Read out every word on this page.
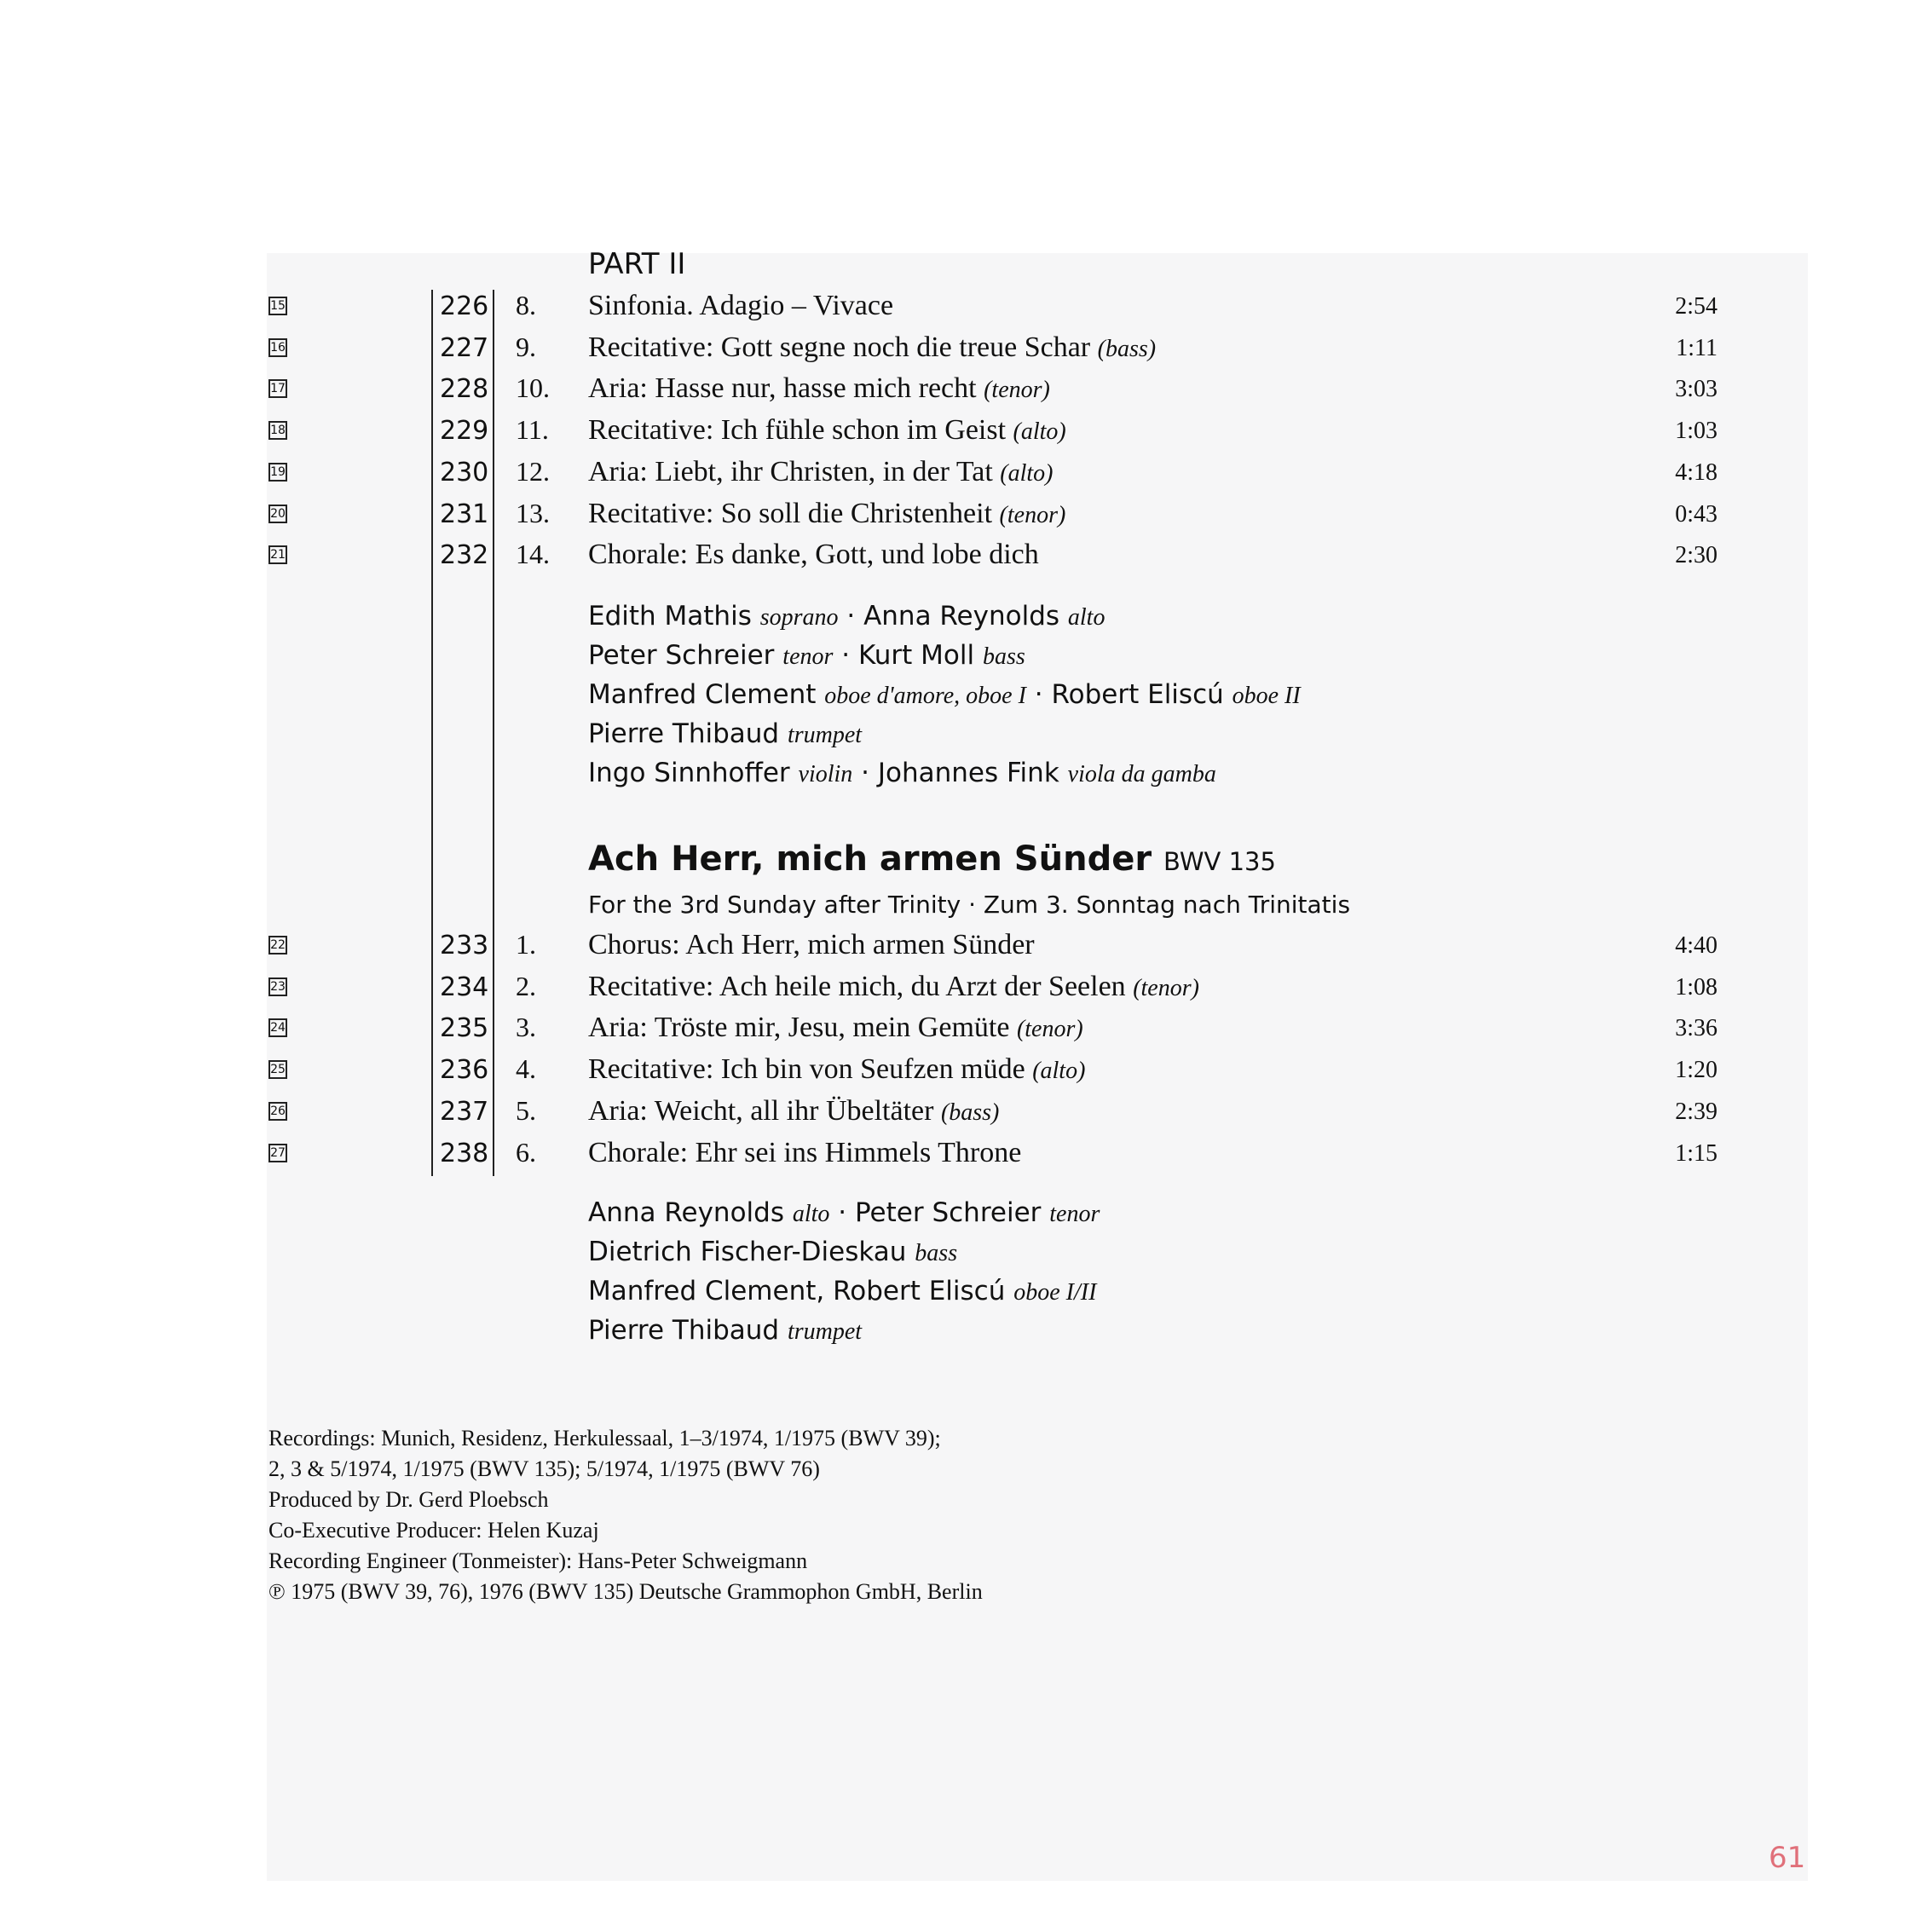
PART II
15	226 8. Sinfonia. Adagio – Vivace	2:54
16	227 9. Recitative: Gott segne noch die treue Schar (bass)	1:11
17	228 10. Aria: Hasse nur, hasse mich recht (tenor)	3:03
18	229 11. Recitative: Ich fühle schon im Geist (alto)	1:03
19	230 12. Aria: Liebt, ihr Christen, in der Tat (alto)	4:18
20	231 13. Recitative: So soll die Christenheit (tenor)	0:43
21	232 14. Chorale: Es danke, Gott, und lobe dich	2:30
Edith Mathis soprano · Anna Reynolds alto
Peter Schreier tenor · Kurt Moll bass
Manfred Clement oboe d'amore, oboe I · Robert Eliscú oboe II
Pierre Thibaud trumpet
Ingo Sinnhoffer violin · Johannes Fink viola da gamba
Ach Herr, mich armen Sünder BWV 135
For the 3rd Sunday after Trinity · Zum 3. Sonntag nach Trinitatis
22	233 1. Chorus: Ach Herr, mich armen Sünder	4:40
23	234 2. Recitative: Ach heile mich, du Arzt der Seelen (tenor)	1:08
24	235 3. Aria: Tröste mir, Jesu, mein Gemüte (tenor)	3:36
25	236 4. Recitative: Ich bin von Seufzen müde (alto)	1:20
26	237 5. Aria: Weicht, all ihr Übeltäter (bass)	2:39
27	238 6. Chorale: Ehr sei ins Himmels Throne	1:15
Anna Reynolds alto · Peter Schreier tenor
Dietrich Fischer-Dieskau bass
Manfred Clement, Robert Eliscú oboe I/II
Pierre Thibaud trumpet
Recordings: Munich, Residenz, Herkulessaal, 1–3/1974, 1/1975 (BWV 39);
2, 3 & 5/1974, 1/1975 (BWV 135); 5/1974, 1/1975 (BWV 76)
Produced by Dr. Gerd Ploebsch
Co-Executive Producer: Helen Kuzaj
Recording Engineer (Tonmeister): Hans-Peter Schweigmann
℗ 1975 (BWV 39, 76), 1976 (BWV 135) Deutsche Grammophon GmbH, Berlin
61
